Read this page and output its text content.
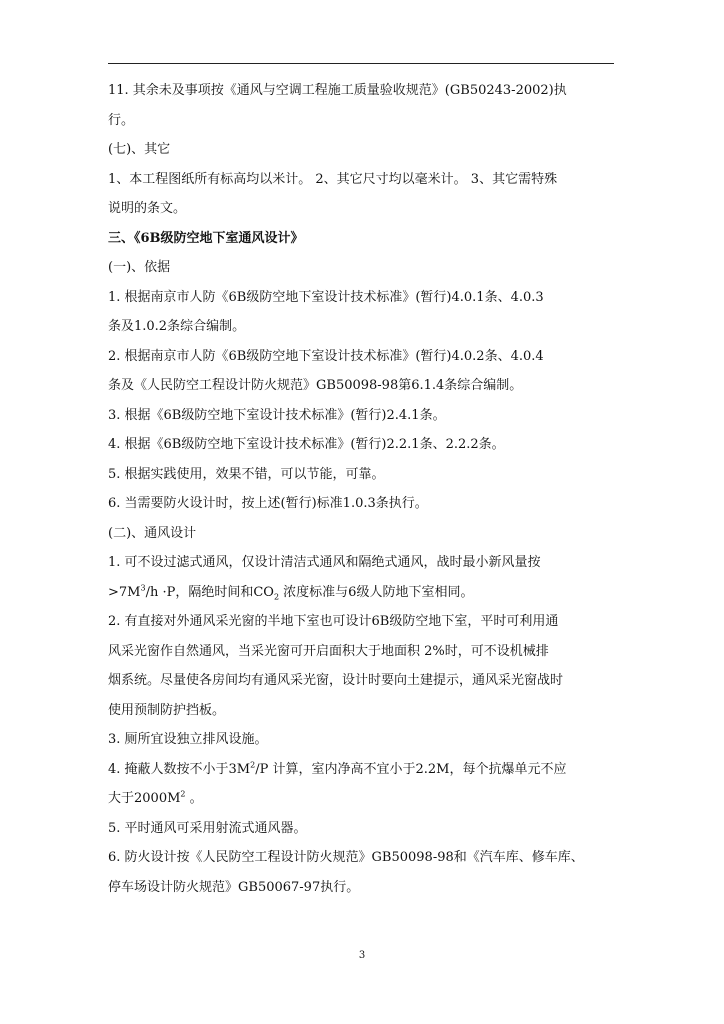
11. 其余未及事项按《通风与空调工程施工质量验收规范》(GB50243-2002)执
行。
(七)、其它
1、本工程图纸所有标高均以米计。 2、其它尺寸均以毫米计。 3、其它需特殊
说明的条文。
三、《6B级防空地下室通风设计》
(一)、依据
1. 根据南京市人防《6B级防空地下室设计技术标准》(暂行)4.0.1条、4.0.3
条及1.0.2条综合编制。
2. 根据南京市人防《6B级防空地下室设计技术标准》(暂行)4.0.2条、4.0.4
条及《人民防空工程设计防火规范》GB50098-98第6.1.4条综合编制。
3. 根据《6B级防空地下室设计技术标准》(暂行)2.4.1条。
4. 根据《6B级防空地下室设计技术标准》(暂行)2.2.1条、2.2.2条。
5. 根据实践使用，效果不错，可以节能，可靠。
6. 当需要防火设计时，按上述(暂行)标准1.0.3条执行。
(二)、通风设计
1. 可不设过滤式通风，仅设计清洁式通风和隔绝式通风，战时最小新风量按
$>7M^3/h \cdot P$，隔绝时间和$CO_2$ 浓度标准与6级人防地下室相同。
2. 有直接对外通风采光窗的半地下室也可设计6B级防空地下室，平时可利用通
风采光窗作自然通风，当采光窗可开启面积大于地面积 2%时，可不设机械排
烟系统。尽量使各房间均有通风采光窗，设计时要向土建提示，通风采光窗战时
使用预制防护挡板。
3. 厕所宜设独立排风设施。
4. 掩蔽人数按不小于$3M^2/P$ 计算，室内净高不宜小于2.2M，每个抗爆单元不应
大于$2000M^2$ 。
5. 平时通风可采用射流式通风器。
6. 防火设计按《人民防空工程设计防火规范》GB50098-98和《汽车库、修车库、
停车场设计防火规范》GB50067-97执行。
3
